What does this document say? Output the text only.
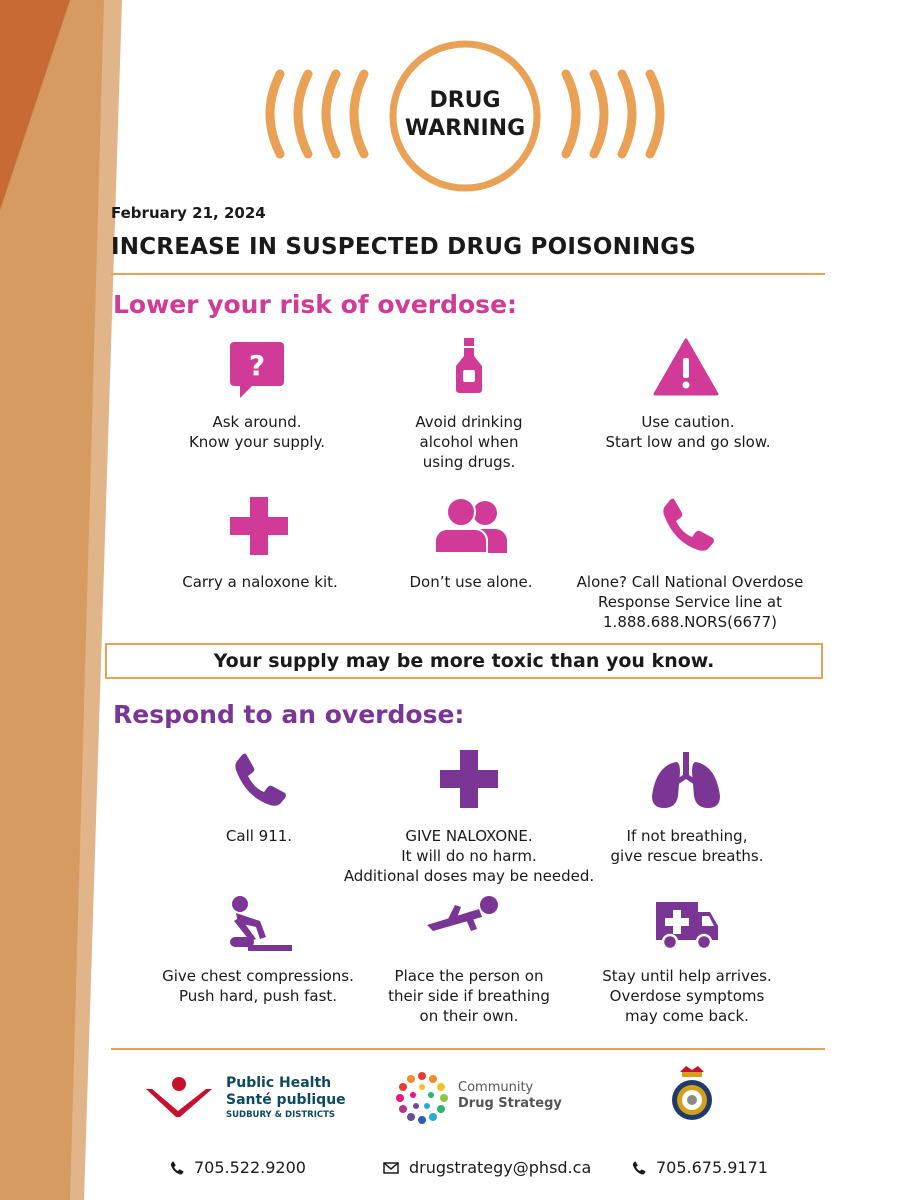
DRUG
WARNING
February 21, 2024
INCREASE IN SUSPECTED DRUG POISONINGS
Lower your risk of overdose:
?
Ask around.
Know your supply.
Avoid drinking
alcohol when
using drugs.
Use caution.
Start low and go slow.
Carry a naloxone kit.	Don’t use alone.	Alone? Call National Overdose
Response Service line at
1.888.688.NORS(6677)
Your supply may be more toxic than you know.
Respond to an overdose:
Call 911.	GIVE NALOXONE.
It will do no harm.
Additional doses may be needed.
If not breathing,
give rescue breaths.
Give chest compressions.
Push hard, push fast.
Place the person on
their side if breathing
on their own.
Stay until help arrives.
Overdose symptoms
may come back.
Public Health
Santé publique
SUDBURY & DISTRICTS
Community
Drug Strategy
705.522.9200	drugstrategy@phsd.ca	705.675.9171
